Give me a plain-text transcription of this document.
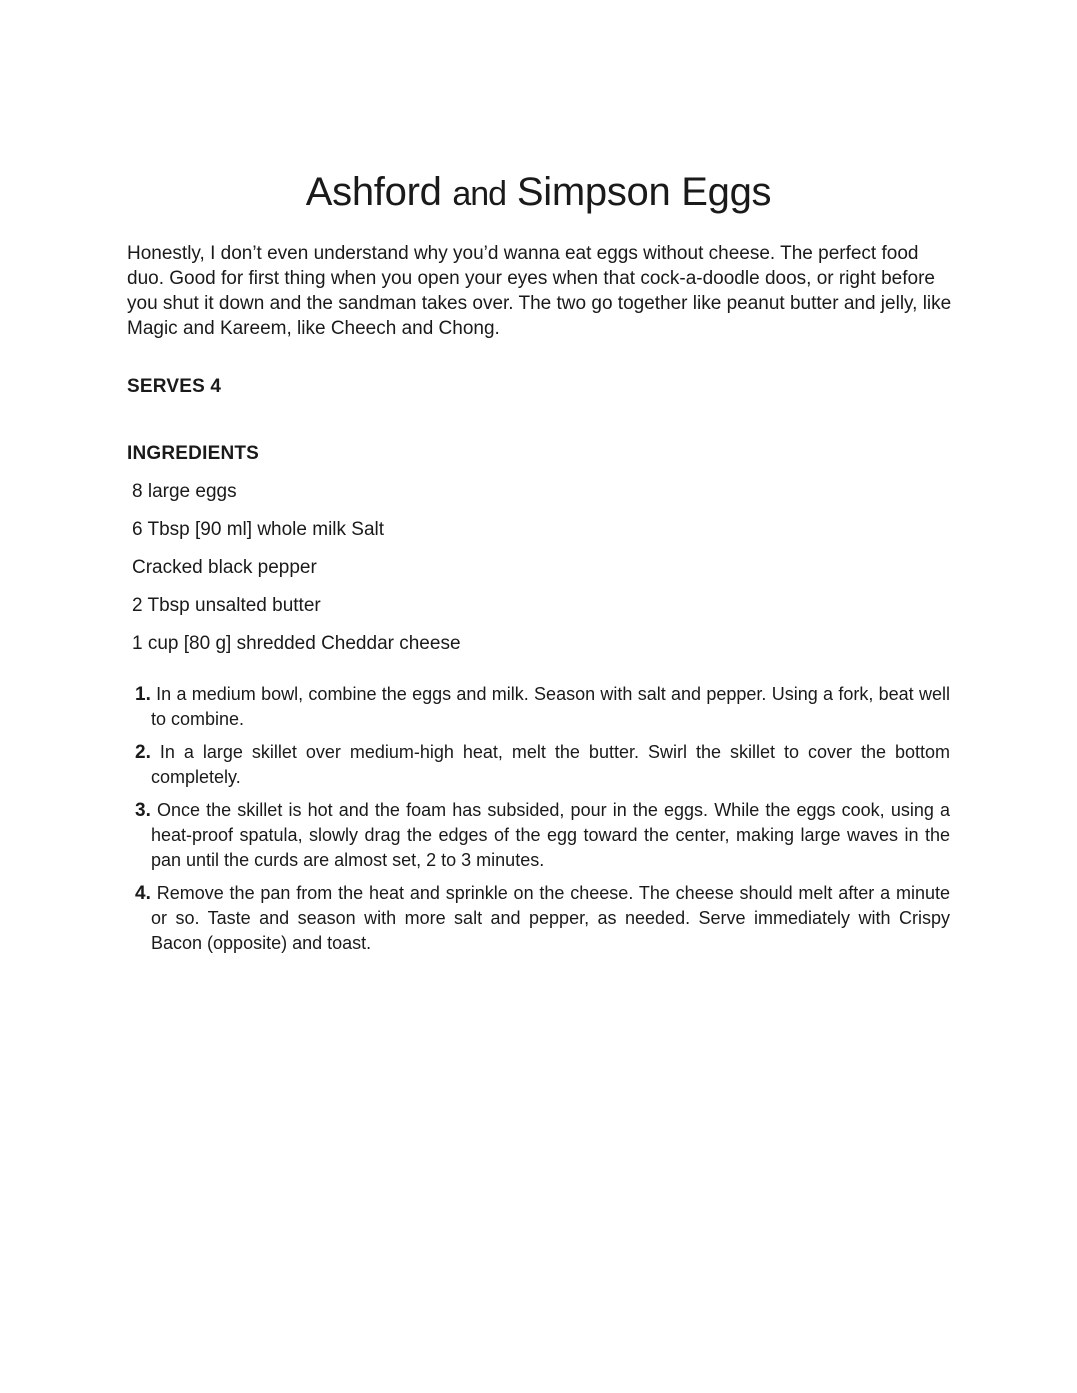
Ashford and Simpson Eggs

Honestly, I don’t even understand why you’d wanna eat eggs without cheese. The perfect food duo. Good for first thing when you open your eyes when that cock-a-doodle doos, or right before you shut it down and the sandman takes over. The two go together like peanut butter and jelly, like Magic and Kareem, like Cheech and Chong.

SERVES 4
INGREDIENTS
8 large eggs
6 Tbsp [90 ml] whole milk Salt
Cracked black pepper
2 Tbsp unsalted butter
1 cup [80 g] shredded Cheddar cheese
1. In a medium bowl, combine the eggs and milk. Season with salt and pepper. Using a fork, beat well to combine.
2. In a large skillet over medium-high heat, melt the butter. Swirl the skillet to cover the bottom completely.
3. Once the skillet is hot and the foam has subsided, pour in the eggs. While the eggs cook, using a heat-proof spatula, slowly drag the edges of the egg toward the center, making large waves in the pan until the curds are almost set, 2 to 3 minutes.
4. Remove the pan from the heat and sprinkle on the cheese. The cheese should melt after a minute or so. Taste and season with more salt and pepper, as needed. Serve immediately with Crispy Bacon (opposite) and toast.
